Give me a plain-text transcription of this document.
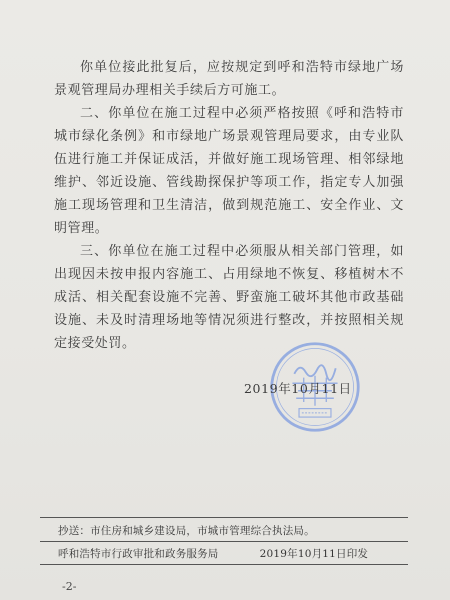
你单位接此批复后，应按规定到呼和浩特市绿地广场景观管理局办理相关手续后方可施工。

二、你单位在施工过程中必须严格按照《呼和浩特市城市绿化条例》和市绿地广场景观管理局要求，由专业队伍进行施工并保证成活，并做好施工现场管理、相邻绿地维护、邻近设施、管线勘探保护等项工作，指定专人加强施工现场管理和卫生清洁，做到规范施工、安全作业、文明管理。

三、你单位在施工过程中必须服从相关部门管理，如出现因未按申报内容施工、占用绿地不恢复、移植树木不成活、相关配套设施不完善、野蛮施工破坏其他市政基础设施、未及时清理场地等情况须进行整改，并按照相关规定接受处罚。

2019年10月11日
抄送：市住房和城乡建设局，市城市管理综合执法局。
呼和浩特市行政审批和政务服务局	2019年10月11日印发
-2-
